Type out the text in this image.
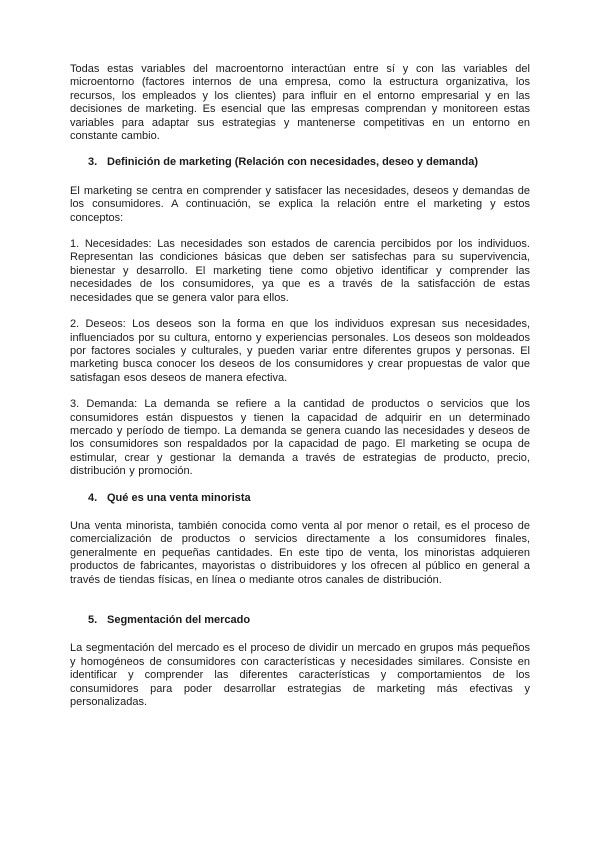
Todas estas variables del macroentorno interactúan entre sí y con las variables del microentorno (factores internos de una empresa, como la estructura organizativa, los recursos, los empleados y los clientes) para influir en el entorno empresarial y en las decisiones de marketing. Es esencial que las empresas comprendan y monitoreen estas variables para adaptar sus estrategias y mantenerse competitivas en un entorno en constante cambio.

3. Definición de marketing (Relación con necesidades, deseo y demanda)

El marketing se centra en comprender y satisfacer las necesidades, deseos y demandas de los consumidores. A continuación, se explica la relación entre el marketing y estos conceptos:

1. Necesidades: Las necesidades son estados de carencia percibidos por los individuos. Representan las condiciones básicas que deben ser satisfechas para su supervivencia, bienestar y desarrollo. El marketing tiene como objetivo identificar y comprender las necesidades de los consumidores, ya que es a través de la satisfacción de estas necesidades que se genera valor para ellos.

2. Deseos: Los deseos son la forma en que los individuos expresan sus necesidades, influenciados por su cultura, entorno y experiencias personales. Los deseos son moldeados por factores sociales y culturales, y pueden variar entre diferentes grupos y personas. El marketing busca conocer los deseos de los consumidores y crear propuestas de valor que satisfagan esos deseos de manera efectiva.

3. Demanda: La demanda se refiere a la cantidad de productos o servicios que los consumidores están dispuestos y tienen la capacidad de adquirir en un determinado mercado y período de tiempo. La demanda se genera cuando las necesidades y deseos de los consumidores son respaldados por la capacidad de pago. El marketing se ocupa de estimular, crear y gestionar la demanda a través de estrategias de producto, precio, distribución y promoción.

4. Qué es una venta minorista

Una venta minorista, también conocida como venta al por menor o retail, es el proceso de comercialización de productos o servicios directamente a los consumidores finales, generalmente en pequeñas cantidades. En este tipo de venta, los minoristas adquieren productos de fabricantes, mayoristas o distribuidores y los ofrecen al público en general a través de tiendas físicas, en línea o mediante otros canales de distribución.

5. Segmentación del mercado

La segmentación del mercado es el proceso de dividir un mercado en grupos más pequeños y homogéneos de consumidores con características y necesidades similares. Consiste en identificar y comprender las diferentes características y comportamientos de los consumidores para poder desarrollar estrategias de marketing más efectivas y personalizadas.
